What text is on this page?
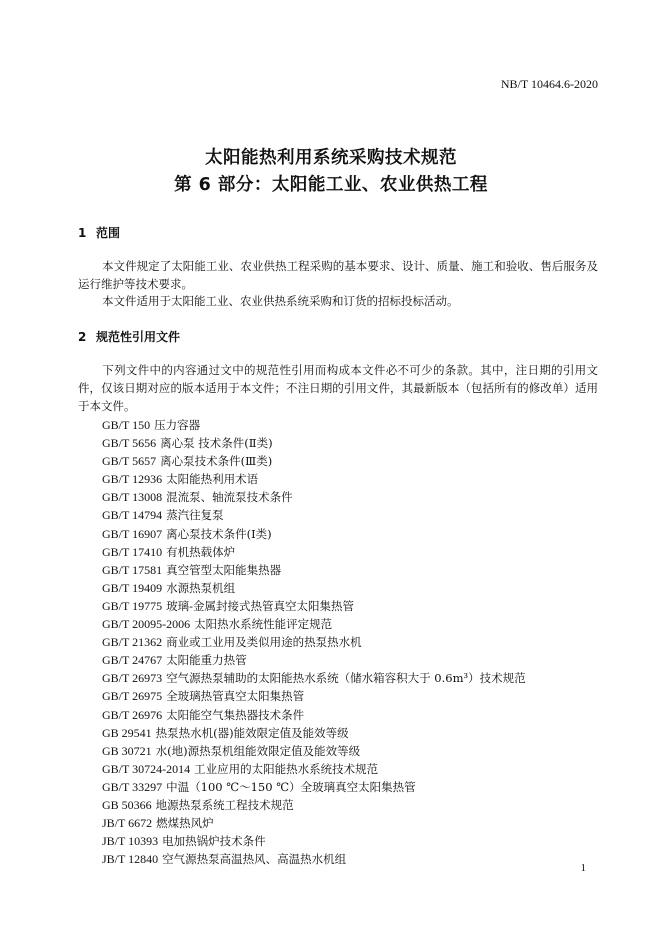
NB/T 10464.6-2020
太阳能热利用系统采购技术规范
第 6 部分：太阳能工业、农业供热工程
1 范围
本文件规定了太阳能工业、农业供热工程采购的基本要求、设计、质量、施工和验收、售后服务及运行维护等技术要求。
本文件适用于太阳能工业、农业供热系统采购和订货的招标投标活动。
2 规范性引用文件
下列文件中的内容通过文中的规范性引用而构成本文件必不可少的条款。其中，注日期的引用文件，仅该日期对应的版本适用于本文件；不注日期的引用文件，其最新版本（包括所有的修改单）适用于本文件。
GB/T 150 压力容器
GB/T 5656 离心泵 技术条件(Ⅱ类)
GB/T 5657 离心泵技术条件(Ⅲ类)
GB/T 12936 太阳能热利用术语
GB/T 13008 混流泵、轴流泵技术条件
GB/T 14794 蒸汽往复泵
GB/T 16907 离心泵技术条件(Ⅰ类)
GB/T 17410 有机热载体炉
GB/T 17581 真空管型太阳能集热器
GB/T 19409 水源热泵机组
GB/T 19775 玻璃-金属封接式热管真空太阳集热管
GB/T 20095-2006 太阳热水系统性能评定规范
GB/T 21362 商业或工业用及类似用途的热泵热水机
GB/T 24767 太阳能重力热管
GB/T 26973 空气源热泵辅助的太阳能热水系统（储水箱容积大于 0.6m³）技术规范
GB/T 26975 全玻璃热管真空太阳集热管
GB/T 26976 太阳能空气集热器技术条件
GB 29541 热泵热水机(器)能效限定值及能效等级
GB 30721 水(地)源热泵机组能效限定值及能效等级
GB/T 30724-2014 工业应用的太阳能热水系统技术规范
GB/T 33297 中温（100 ℃～150 ℃）全玻璃真空太阳集热管
GB 50366 地源热泵系统工程技术规范
JB/T 6672 燃煤热风炉
JB/T 10393 电加热锅炉技术条件
JB/T 12840 空气源热泵高温热风、高温热水机组
1
